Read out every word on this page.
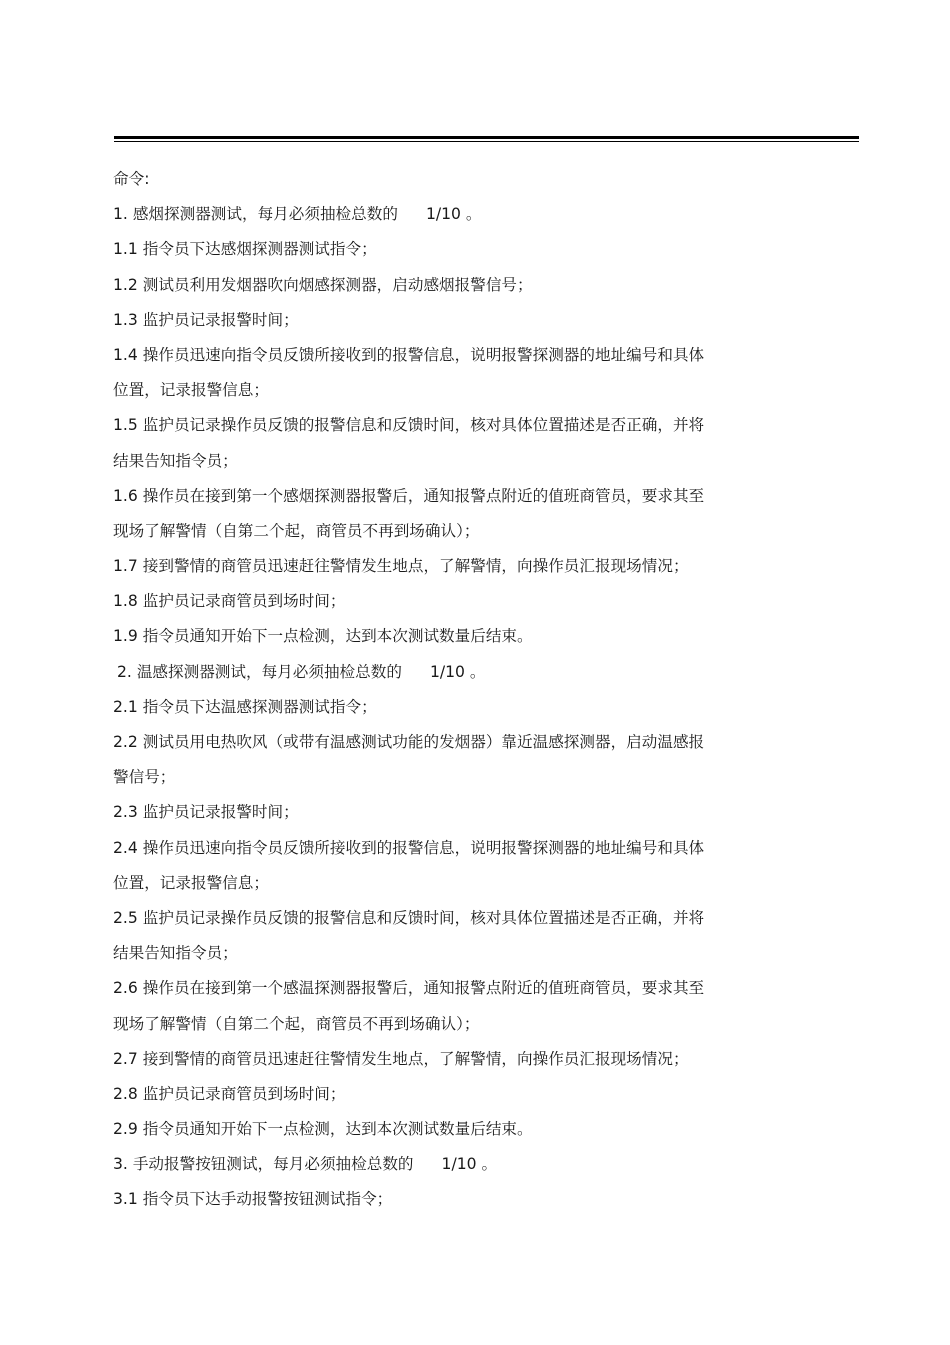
命令:
1. 感烟探测器测试，每月必须抽检总数的 1/10 。
1.1 指令员下达感烟探测器测试指令；
1.2 测试员利用发烟器吹向烟感探测器，启动感烟报警信号；
1.3 监护员记录报警时间；
1.4 操作员迅速向指令员反馈所接收到的报警信息，说明报警探测器的地址编号和具体
位置，记录报警信息；
1.5 监护员记录操作员反馈的报警信息和反馈时间，核对具体位置描述是否正确，并将
结果告知指令员；
1.6 操作员在接到第一个感烟探测器报警后，通知报警点附近的值班商管员，要求其至
现场了解警情（自第二个起，商管员不再到场确认）；
1.7 接到警情的商管员迅速赶往警情发生地点，了解警情，向操作员汇报现场情况；
1.8 监护员记录商管员到场时间；
1.9 指令员通知开始下一点检测，达到本次测试数量后结束。
2. 温感探测器测试，每月必须抽检总数的 1/10 。
2.1 指令员下达温感探测器测试指令；
2.2 测试员用电热吹风（或带有温感测试功能的发烟器）靠近温感探测器，启动温感报
警信号；
2.3 监护员记录报警时间；
2.4 操作员迅速向指令员反馈所接收到的报警信息，说明报警探测器的地址编号和具体
位置，记录报警信息；
2.5 监护员记录操作员反馈的报警信息和反馈时间，核对具体位置描述是否正确，并将
结果告知指令员；
2.6 操作员在接到第一个感温探测器报警后，通知报警点附近的值班商管员，要求其至
现场了解警情（自第二个起，商管员不再到场确认）；
2.7 接到警情的商管员迅速赶往警情发生地点，了解警情，向操作员汇报现场情况；
2.8 监护员记录商管员到场时间；
2.9 指令员通知开始下一点检测，达到本次测试数量后结束。
3. 手动报警按钮测试，每月必须抽检总数的 1/10 。
3.1 指令员下达手动报警按钮测试指令；
